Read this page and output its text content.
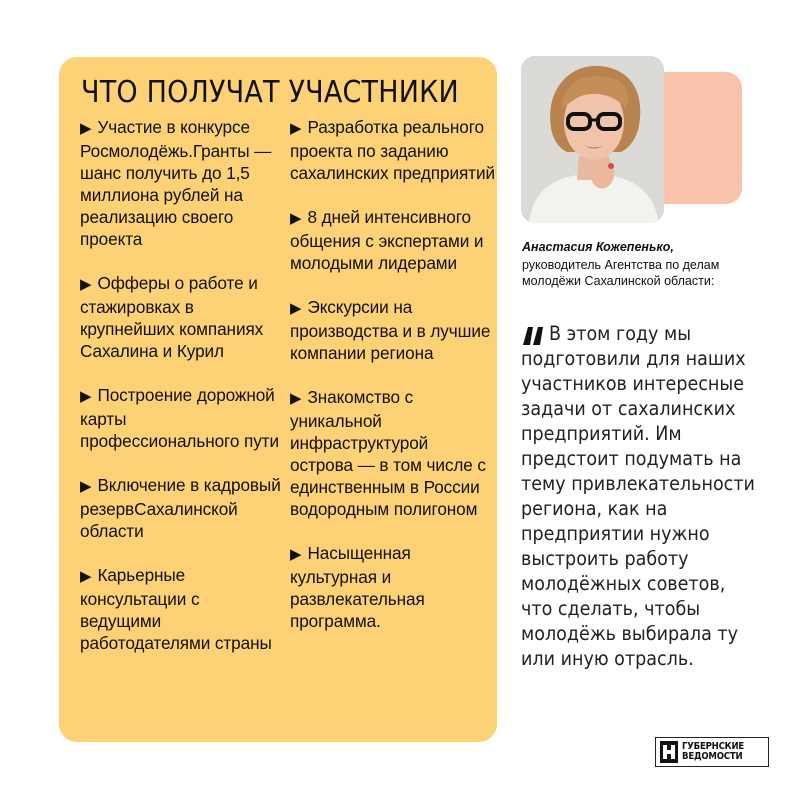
ЧТО ПОЛУЧАТ УЧАСТНИКИ
▶ Участие в конкурсе Росмолодёжь.Гранты — шанс получить до 1,5 миллиона рублей на реализацию своего проекта
▶ Офферы о работе и стажировках в крупнейших компаниях Сахалина и Курил
▶ Построение дорожной карты профессионального пути
▶ Включение в кадровый резервСахалинской области
▶ Карьерные консультации с ведущими работодателями страны
▶ Разработка реального проекта по заданию сахалинских предприятий
▶ 8 дней интенсивного общения с экспертами и молодыми лидерами
▶ Экскурсии на производства и в лучшие компании региона
▶ Знакомство с уникальной инфраструктурой острова — в том числе с единственным в России водородным полигоном
▶ Насыщенная культурная и развлекательная программа.

Анастасия Кожепенько,

руководитель Агентства по делам молодёжи Сахалинской области:

В этом году мы подготовили для наших участников интересные задачи от сахалинских предприятий. Им предстоит подумать на тему привлекательности региона, как на предприятии нужно выстроить работу молодёжных советов, что сделать, чтобы молодёжь выбирала ту или иную отрасль.

ГУБЕРНСКИЕ
ВЕДОМОСТИ
